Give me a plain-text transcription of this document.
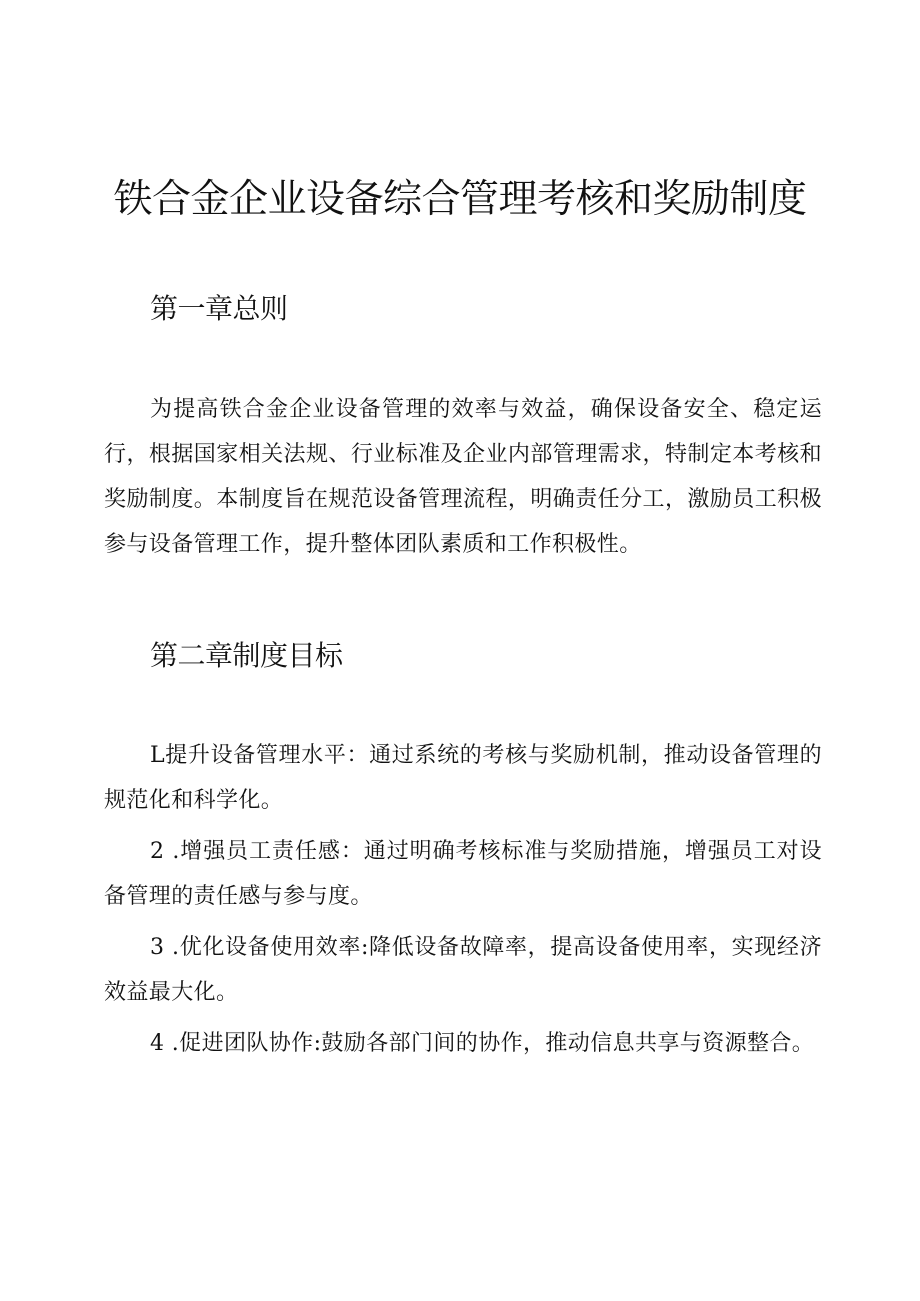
铁合金企业设备综合管理考核和奖励制度
第一章总则

为提高铁合金企业设备管理的效率与效益，确保设备安全、稳定运行，根据国家相关法规、行业标准及企业内部管理需求，特制定本考核和奖励制度。本制度旨在规范设备管理流程，明确责任分工，激励员工积极参与设备管理工作，提升整体团队素质和工作积极性。

第二章制度目标

L提升设备管理水平：通过系统的考核与奖励机制，推动设备管理的规范化和科学化。

2 .增强员工责任感：通过明确考核标准与奖励措施，增强员工对设备管理的责任感与参与度。

3 .优化设备使用效率:降低设备故障率，提高设备使用率，实现经济效益最大化。

4 .促进团队协作:鼓励各部门间的协作，推动信息共享与资源整合。
